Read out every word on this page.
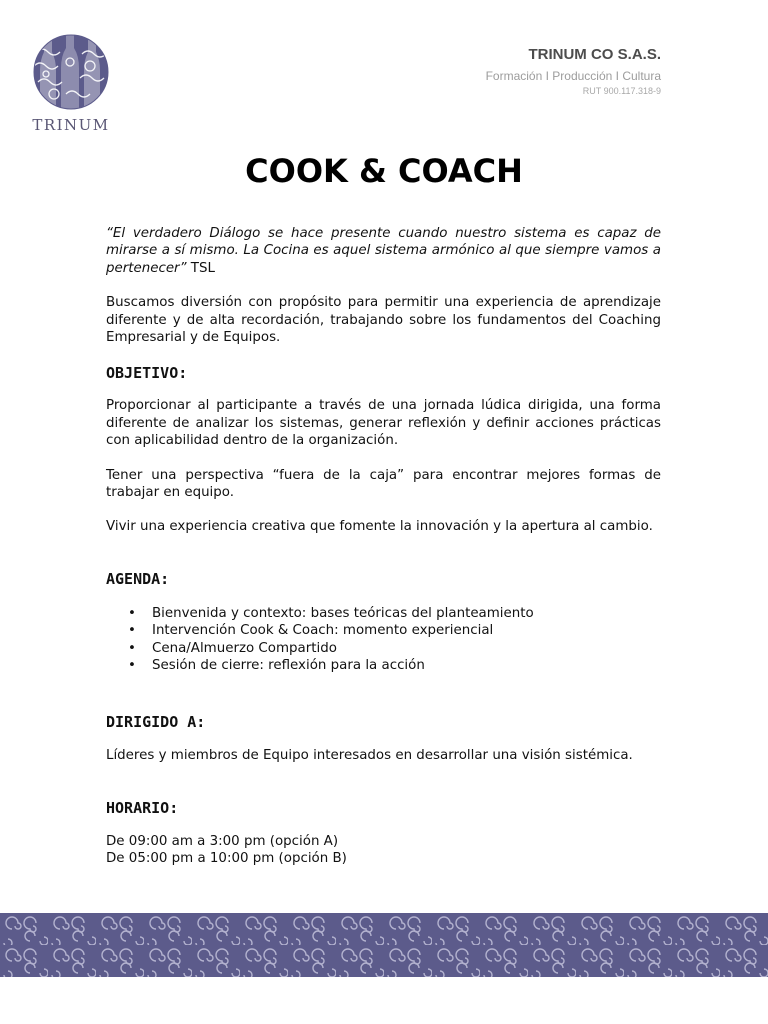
TRINUM
TRINUM CO S.A.S.
Formación I Producción I Cultura
RUT 900.117.318-9
COOK & COACH

“El verdadero Diálogo se hace presente cuando nuestro sistema es capaz de mirarse a sí mismo. La Cocina es aquel sistema armónico al que siempre vamos a pertenecer” TSL

Buscamos diversión con propósito para permitir una experiencia de aprendizaje diferente y de alta recordación, trabajando sobre los fundamentos del Coaching Empresarial y de Equipos.

OBJETIVO:

Proporcionar al participante a través de una jornada lúdica dirigida, una forma diferente de analizar los sistemas, generar reflexión y definir acciones prácticas con aplicabilidad dentro de la organización.

Tener una perspectiva “fuera de la caja” para encontrar mejores formas de trabajar en equipo.

Vivir una experiencia creativa que fomente la innovación y la apertura al cambio.

AGENDA:
• Bienvenida y contexto: bases teóricas del planteamiento
• Intervención Cook & Coach: momento experiencial
• Cena/Almuerzo Compartido
• Sesión de cierre: reflexión para la acción
DIRIGIDO A:

Líderes y miembros de Equipo interesados en desarrollar una visión sistémica.

HORARIO:

De 09:00 am a 3:00 pm (opción A)

De 05:00 pm a 10:00 pm (opción B)
